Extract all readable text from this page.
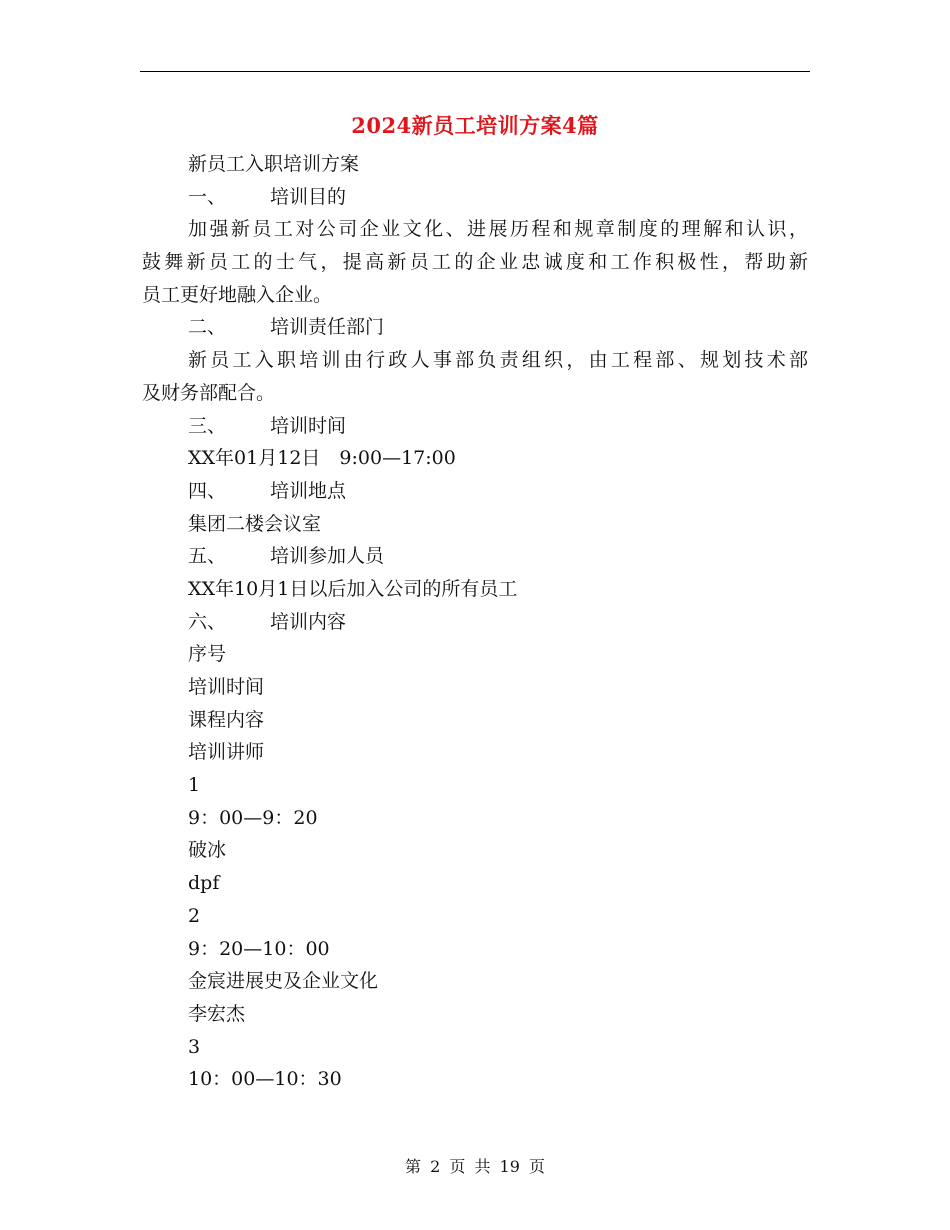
2024新员工培训方案4篇
新员工入职培训方案
一、 培训目的
加强新员工对公司企业文化、进展历程和规章制度的理解和认识，
鼓舞新员工的士气，提高新员工的企业忠诚度和工作积极性，帮助新
员工更好地融入企业。
二、 培训责任部门
新员工入职培训由行政人事部负责组织，由工程部、规划技术部
及财务部配合。
三、 培训时间
XX年01月12日　9:00—17:00
四、 培训地点
集团二楼会议室
五、 培训参加人员
XX年10月1日以后加入公司的所有员工
六、 培训内容
序号
培训时间
课程内容
培训讲师
1
9：00—9：20
破冰
dpf
2
9：20—10：00
金宸进展史及企业文化
李宏杰
3
10：00—10：30
第 2 页 共 19 页
